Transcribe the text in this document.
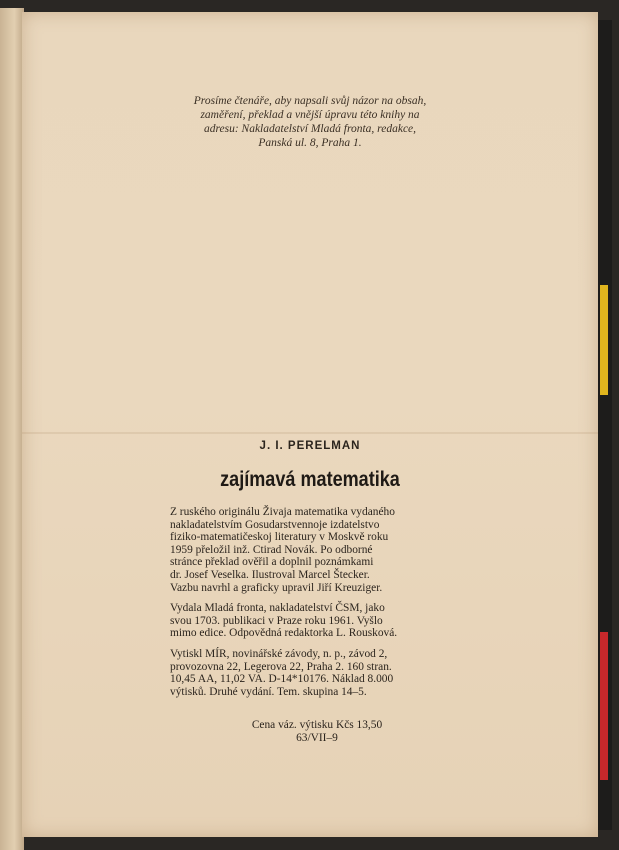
Prosíme čtenáře, aby napsali svůj názor na obsah,
zaměření, překlad a vnější úpravu této knihy na
adresu: Nakladatelství Mladá fronta, redakce,
Panská ul. 8, Praha 1.
J. I. PERELMAN
zajímavá matematika

Z ruského originálu Živaja matematika vydaného
nakladatelstvím Gosudarstvennoje izdatelstvo
fiziko-matematičeskoj literatury v Moskvě roku
1959 přeložil inž. Ctirad Novák. Po odborné
stránce překlad ověřil a doplnil poznámkami
dr. Josef Veselka. Ilustroval Marcel Štecker.
Vazbu navrhl a graficky upravil Jiří Kreuziger.

Vydala Mladá fronta, nakladatelství ČSM, jako
svou 1703. publikaci v Praze roku 1961. Vyšlo
mimo edice. Odpovědná redaktorka L. Rousková.

Vytiskl MÍR, novinářské závody, n. p., závod 2,
provozovna 22, Legerova 22, Praha 2. 160 stran.
10,45 AA, 11,02 VA. D-14*10176. Náklad 8.000
výtisků. Druhé vydání. Tem. skupina 14–5.

Cena váz. výtisku Kčs 13,50
63/VII–9
